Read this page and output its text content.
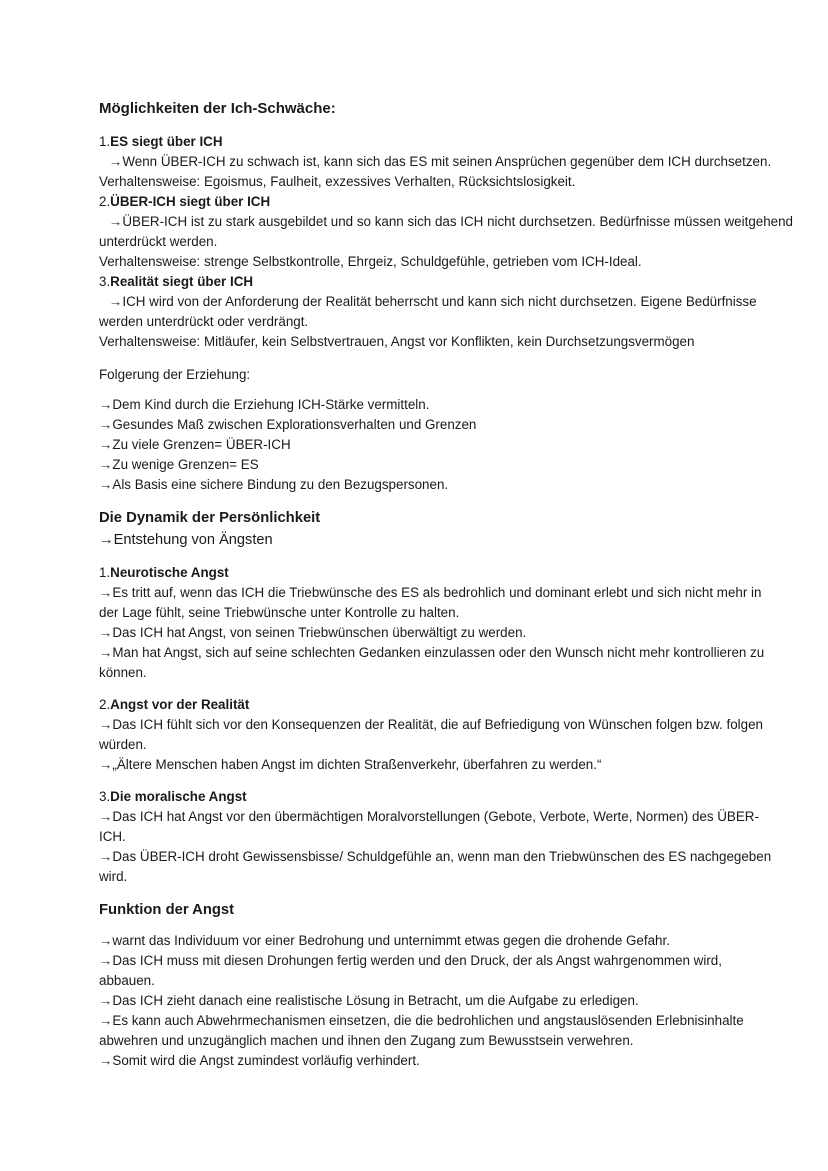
Möglichkeiten der Ich-Schwäche:
1.ES siegt über ICH
→Wenn ÜBER-ICH zu schwach ist, kann sich das ES mit seinen Ansprüchen gegenüber dem ICH durchsetzen.
Verhaltensweise: Egoismus, Faulheit, exzessives Verhalten, Rücksichtslosigkeit.
2.ÜBER-ICH siegt über ICH
→ÜBER-ICH ist zu stark ausgebildet und so kann sich das ICH nicht durchsetzen. Bedürfnisse müssen weitgehend
unterdrückt werden.
Verhaltensweise: strenge Selbstkontrolle, Ehrgeiz, Schuldgefühle, getrieben vom ICH-Ideal.
3.Realität siegt über ICH
→ICH wird von der Anforderung der Realität beherrscht und kann sich nicht durchsetzen. Eigene Bedürfnisse
werden unterdrückt oder verdrängt.
Verhaltensweise: Mitläufer, kein Selbstvertrauen, Angst vor Konflikten, kein Durchsetzungsvermögen
Folgerung der Erziehung:
→Dem Kind durch die Erziehung ICH-Stärke vermitteln.
→Gesundes Maß zwischen Explorationsverhalten und Grenzen
→Zu viele Grenzen= ÜBER-ICH
→Zu wenige Grenzen= ES
→Als Basis eine sichere Bindung zu den Bezugspersonen.
Die Dynamik der Persönlichkeit
→Entstehung von Ängsten
1.Neurotische Angst
→Es tritt auf, wenn das ICH die Triebwünsche des ES als bedrohlich und dominant erlebt und sich nicht mehr in
der Lage fühlt, seine Triebwünsche unter Kontrolle zu halten.
→Das ICH hat Angst, von seinen Triebwünschen überwältigt zu werden.
→Man hat Angst, sich auf seine schlechten Gedanken einzulassen oder den Wunsch nicht mehr kontrollieren zu
können.
2.Angst vor der Realität
→Das ICH fühlt sich vor den Konsequenzen der Realität, die auf Befriedigung von Wünschen folgen bzw. folgen
würden.
→„Ältere Menschen haben Angst im dichten Straßenverkehr, überfahren zu werden.“
3.Die moralische Angst
→Das ICH hat Angst vor den übermächtigen Moralvorstellungen (Gebote, Verbote, Werte, Normen) des ÜBER-
ICH.
→Das ÜBER-ICH droht Gewissensbisse/ Schuldgefühle an, wenn man den Triebwünschen des ES nachgegeben
wird.
Funktion der Angst
→warnt das Individuum vor einer Bedrohung und unternimmt etwas gegen die drohende Gefahr.
→Das ICH muss mit diesen Drohungen fertig werden und den Druck, der als Angst wahrgenommen wird,
abbauen.
→Das ICH zieht danach eine realistische Lösung in Betracht, um die Aufgabe zu erledigen.
→Es kann auch Abwehrmechanismen einsetzen, die die bedrohlichen und angstauslösenden Erlebnisinhalte
abwehren und unzugänglich machen und ihnen den Zugang zum Bewusstsein verwehren.
→Somit wird die Angst zumindest vorläufig verhindert.
